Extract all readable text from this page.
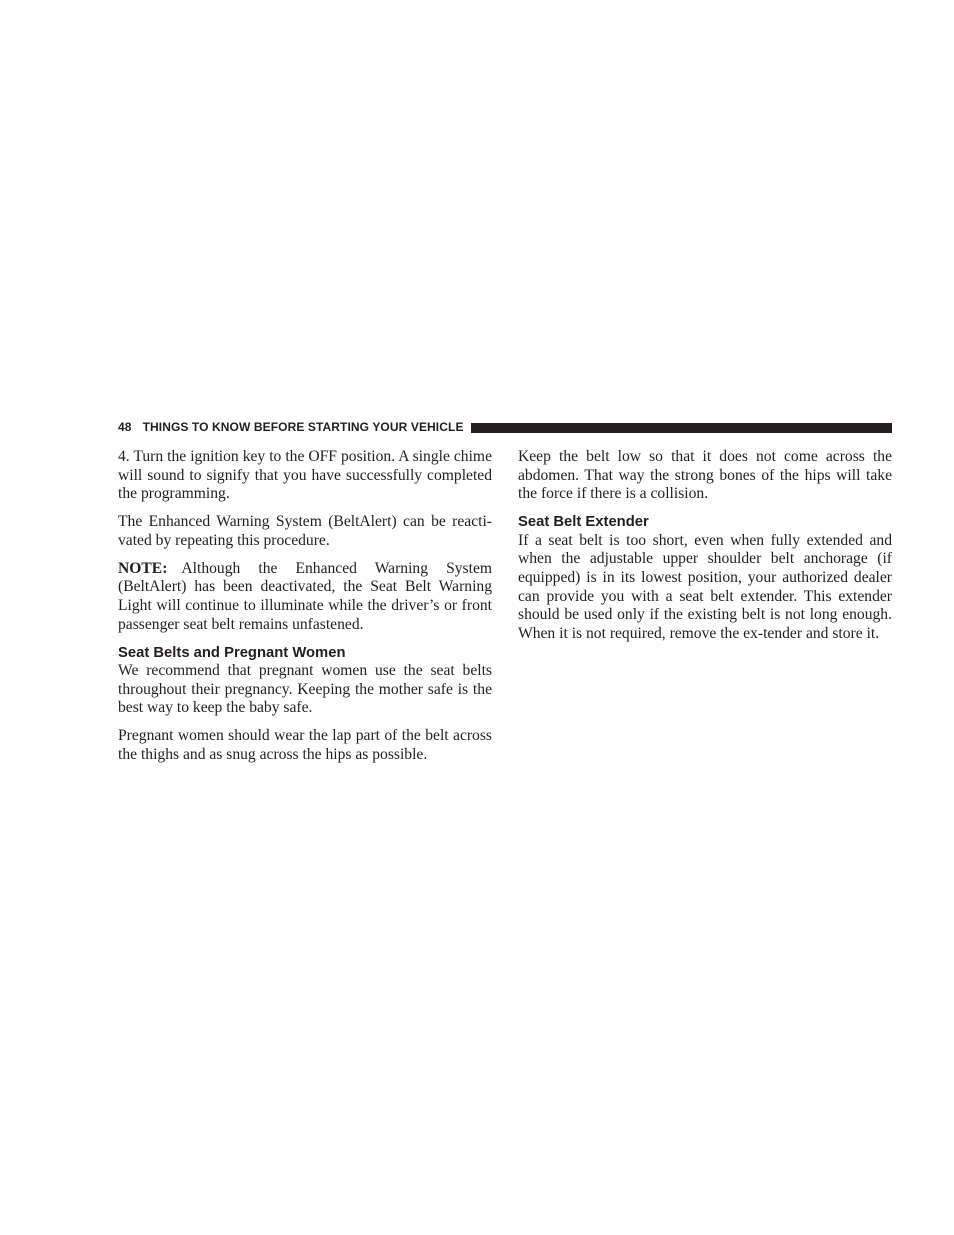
48 THINGS TO KNOW BEFORE STARTING YOUR VEHICLE

4. Turn the ignition key to the OFF position. A single chime will sound to signify that you have successfully completed the programming.

The Enhanced Warning System (BeltAlert) can be reacti-vated by repeating this procedure.

NOTE: Although the Enhanced Warning System (BeltAlert) has been deactivated, the Seat Belt Warning Light will continue to illuminate while the driver’s or front passenger seat belt remains unfastened.

Seat Belts and Pregnant Women

We recommend that pregnant women use the seat belts throughout their pregnancy. Keeping the mother safe is the best way to keep the baby safe.

Pregnant women should wear the lap part of the belt across the thighs and as snug across the hips as possible.

Keep the belt low so that it does not come across the abdomen. That way the strong bones of the hips will take the force if there is a collision.

Seat Belt Extender

If a seat belt is too short, even when fully extended and when the adjustable upper shoulder belt anchorage (if equipped) is in its lowest position, your authorized dealer can provide you with a seat belt extender. This extender should be used only if the existing belt is not long enough. When it is not required, remove the ex-tender and store it.
